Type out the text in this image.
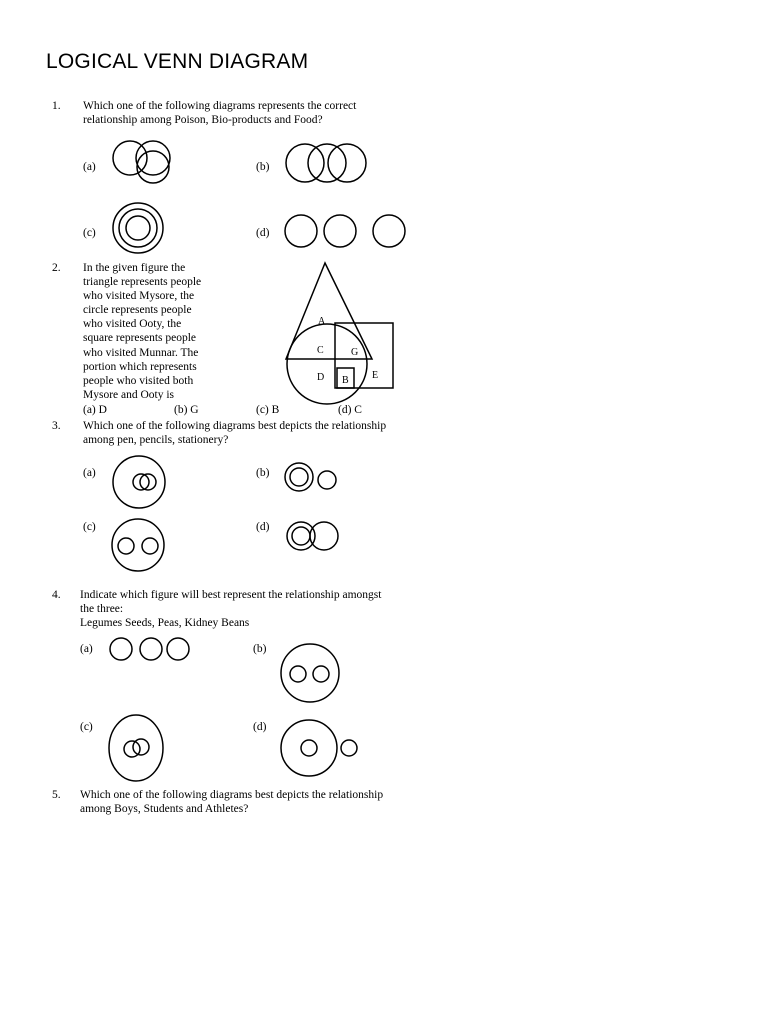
LOGICAL VENN DIAGRAM

1. Which one of the following diagrams represents the correct

relationship among Poison, Bio-products and Food?

(a)	(b)
(c)	(d)

2. In the given figure the

triangle represents people

who visited Mysore, the

circle represents people

who visited Ooty, the

square represents people

who visited Munnar. The

portion which represents

people who visited both

Mysore and Ooty is

(a) D	(b) G	(c) B	(d) C

A
C	G
D B E

3. Which one of the following diagrams best depicts the relationship

among pen, pencils, stationery?

(a)	(b)
(c)	(d)

4. Indicate which figure will best represent the relationship amongst

the three:

Legumes Seeds, Peas, Kidney Beans

(a)	(b)
(c)	(d)

5. Which one of the following diagrams best depicts the relationship

among Boys, Students and Athletes?
